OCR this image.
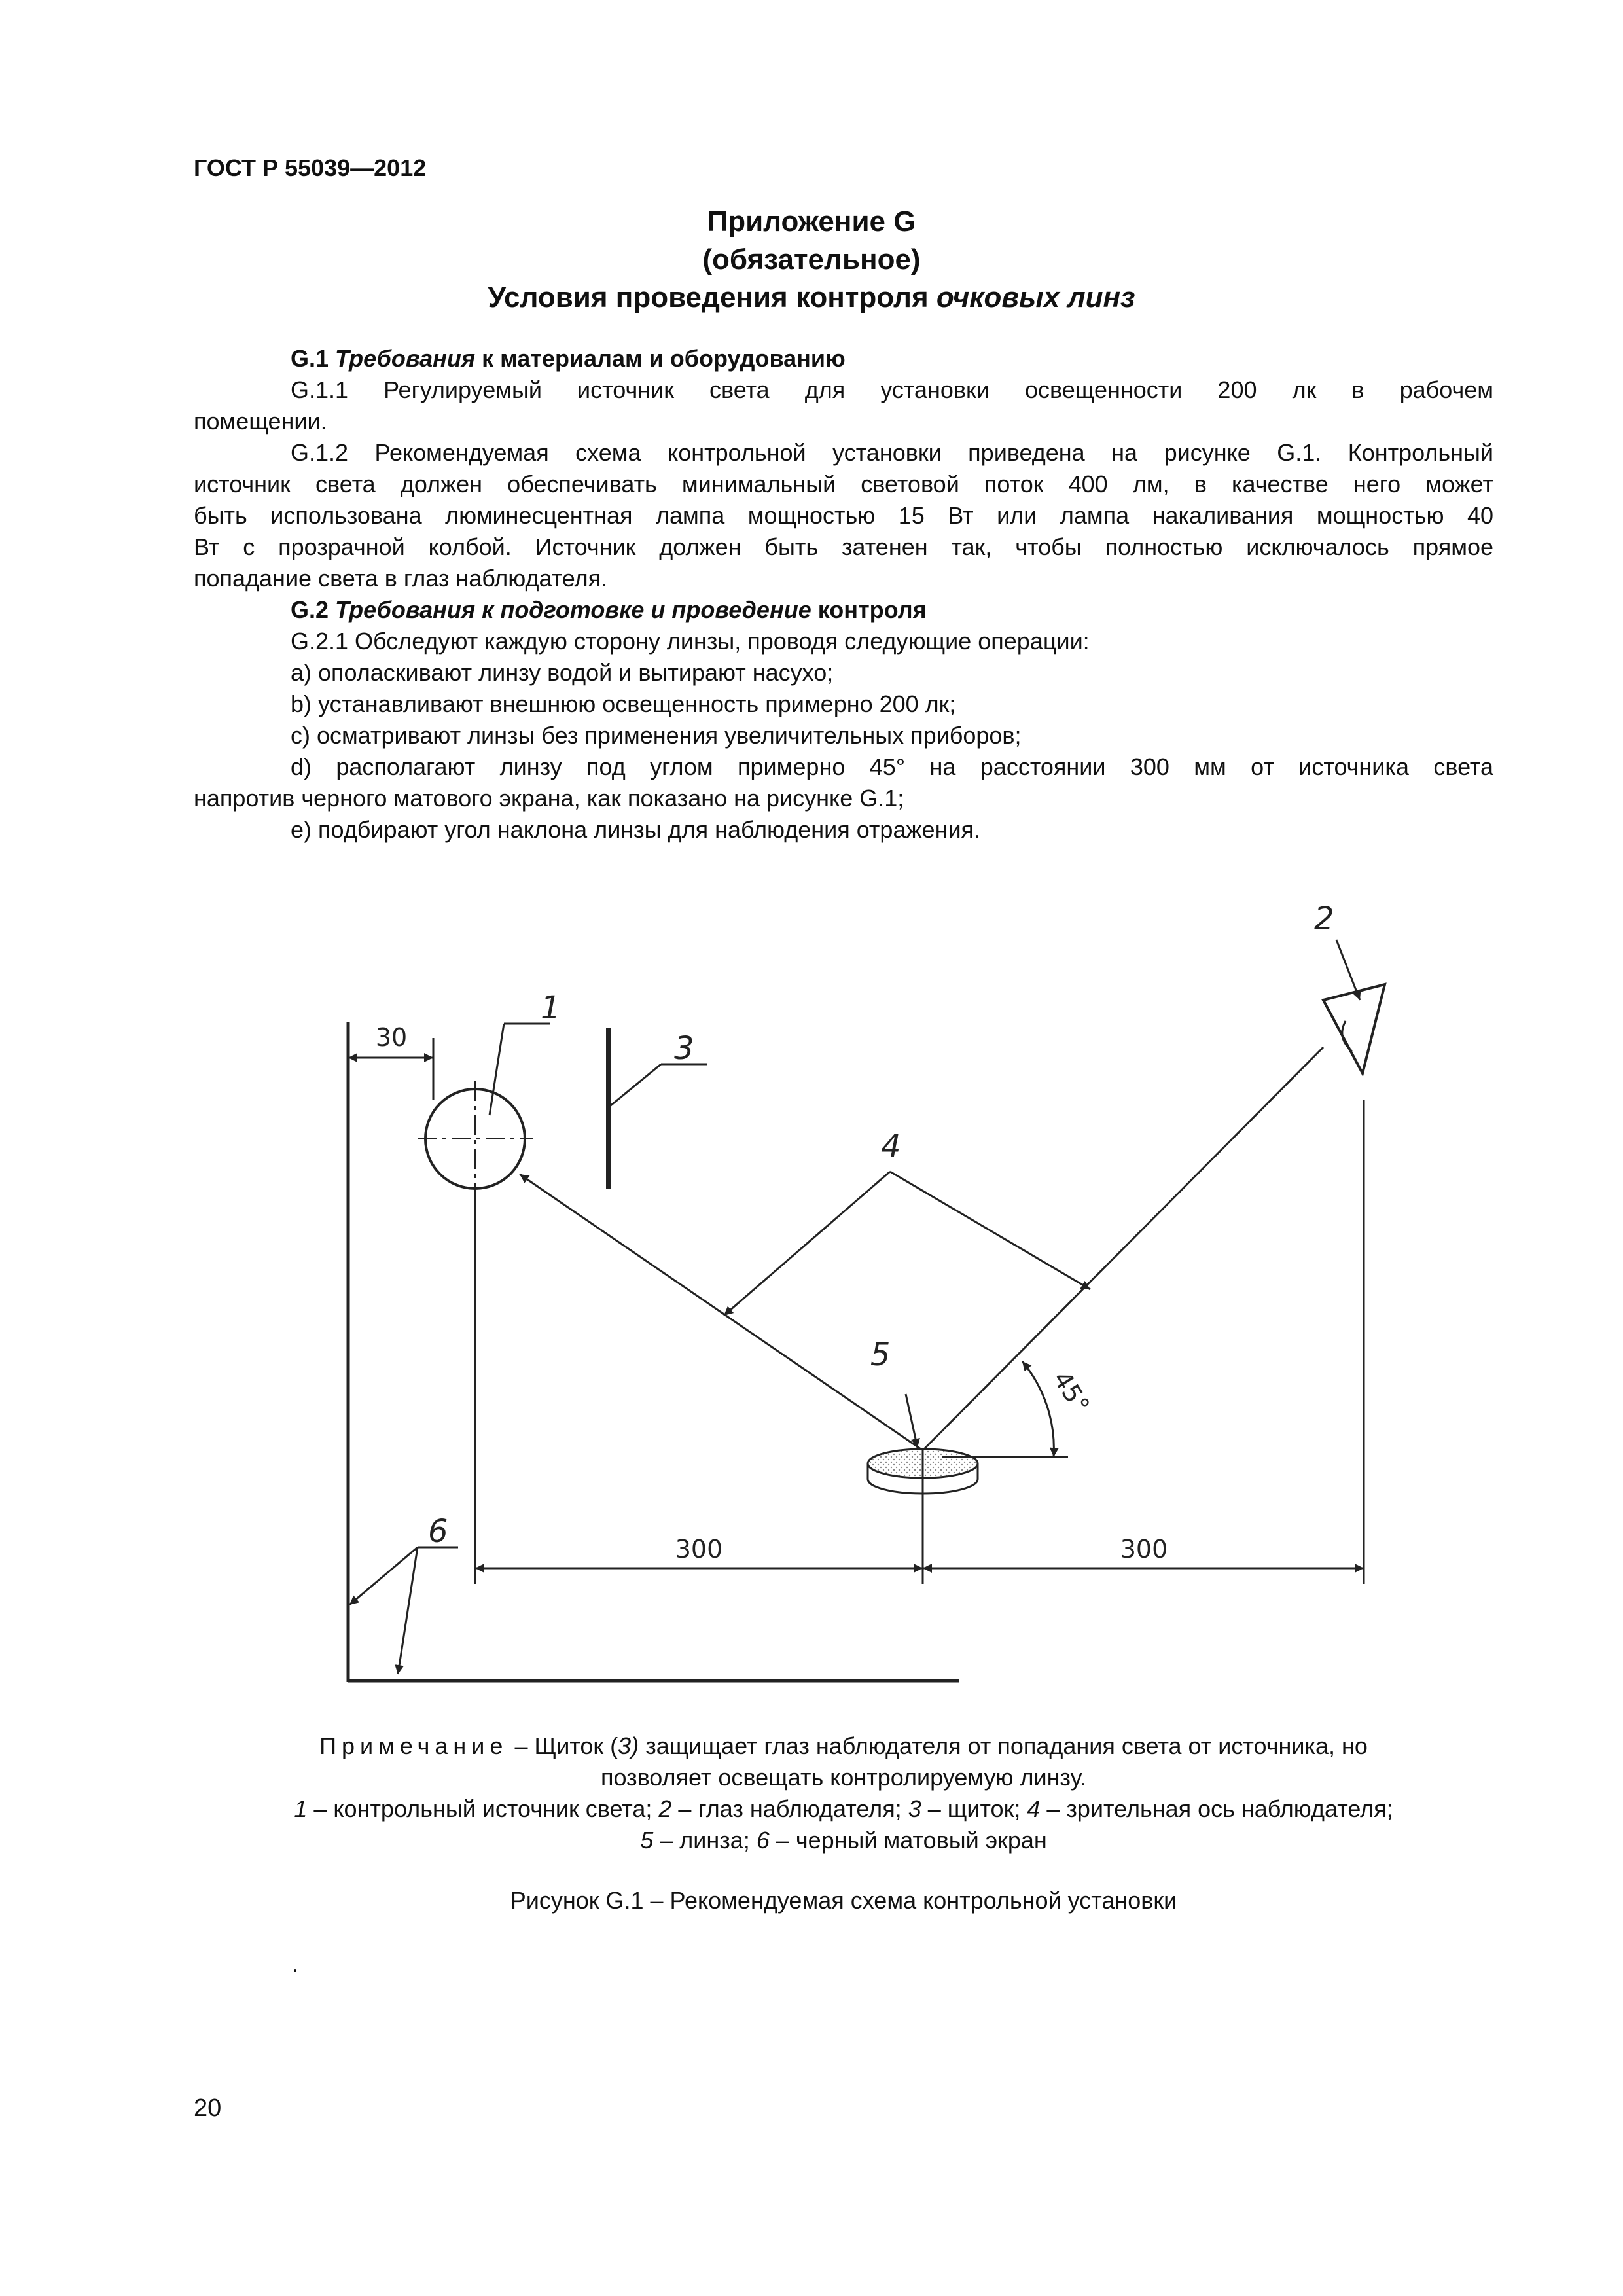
ГОСТ Р 55039—2012
Приложение G
(обязательное)
Условия проведения контроля очковых линз

G.1 Требования к материалам и оборудованию

G.1.1 Регулируемый источник света для установки освещенности 200 лк в рабочем

помещении.

G.1.2 Рекомендуемая схема контрольной установки приведена на рисунке G.1. Контрольный

источник света должен обеспечивать минимальный световой поток 400 лм, в качестве него может

быть использована люминесцентная лампа мощностью 15 Вт или лампа накаливания мощностью 40

Вт с прозрачной колбой. Источник должен быть затенен так, чтобы полностью исключалось прямое

попадание света в глаз наблюдателя.

G.2 Требования к подготовке и проведение контроля

G.2.1 Обследуют каждую сторону линзы, проводя следующие операции:

a) ополаскивают линзу водой и вытирают насухо;

b) устанавливают внешнюю освещенность примерно 200 лк;

c) осматривают линзы без применения увеличительных приборов;

d) располагают линзу под углом примерно 45° на расстоянии 300 мм от источника света

напротив черного матового экрана, как показано на рисунке G.1;

e) подбирают угол наклона линзы для наблюдения отражения.

30
300	300
45°
1
2
3
4
5
6

Примечание – Щиток (3) защищает глаз наблюдателя от попадания света от источника, но

позволяет освещать контролируемую линзу.

1 – контрольный источник света; 2 – глаз наблюдателя; 3 – щиток; 4 – зрительная ось наблюдателя;

5 – линза; 6 – черный матовый экран

Рисунок G.1 – Рекомендуемая схема контрольной установки
.
20
